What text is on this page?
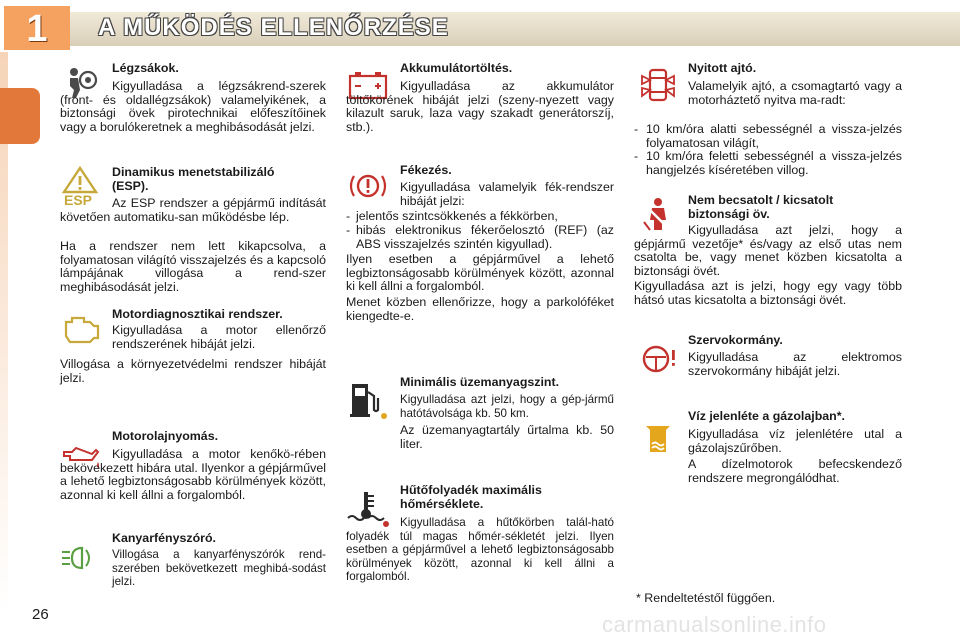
1	A MŰKÖDÉS ELLENŐRZÉSE
Légzsákok.
Kigyulladása a légzsákrend-szerek (front- és oldallégzsákok) valamelyikének, a biztonsági övek pirotechnikai előfeszítőinek vagy a borulókeretnek a meghibásodását jelzi.
ESP
Dinamikus menetstabilizáló
(ESP).
Az ESP rendszer a gépjármű indítását követően automatiku-san működésbe lép.
Ha a rendszer nem lett kikapcsolva, a folyamatosan világító visszajelzés és a kapcsoló lámpájának villogása a rend-szer meghibásodását jelzi.
Motordiagnosztikai rendszer.
Kigyulladása a motor ellenőrző rendszerének hibáját jelzi.
Villogása a környezetvédelmi rendszer hibáját jelzi.
Motorolajnyomás.
Kigyulladása a motor kenőkö-rében bekövekezett hibára utal. Ilyenkor a gépjárművel a lehető legbiztonságosabb körülmények között, azonnal ki kell állni a forgalomból.
Kanyarfényszóró.
Villogása a kanyarfényszórók rend-szerében bekövetkezett meghibá-sodást jelzi.
Akkumulátortöltés.
Kigyulladása az akkumulátor töltőkörének hibáját jelzi (szeny-nyezett vagy kilazult saruk, laza vagy szakadt generátorszíj, stb.).
Fékezés.
Kigyulladása valamelyik fék-rendszer hibáját jelzi:
- jelentős szintcsökkenés a fékkörben,
- hibás elektronikus fékerőelosztó (REF) (az ABS visszajelzés szintén kigyullad).
Ilyen esetben a gépjárművel a lehető legbiztonságosabb körülmények között, azonnal ki kell állni a forgalomból.
Menet közben ellenőrizze, hogy a parkolóféket kiengedte-e.
Minimális üzemanyagszint.
Kigyulladása azt jelzi, hogy a gép-jármű hatótávolsága kb. 50 km.
Az üzemanyagtartály űrtalma kb. 50 liter.
Hűtőfolyadék maximális
hőmérséklete.
Kigyulladása a hűtőkörben talál-ható folyadék túl magas hőmér-sékletét jelzi. Ilyen esetben a gépjárművel a lehető legbiztonságosabb körülmények között, azonnal ki kell állni a forgalomból.
Nyitott ajtó.
Valamelyik ajtó, a csomagtartó vagy a motorháztető nyitva ma-radt:
- 10 km/óra alatti sebességnél a vissza-jelzés folyamatosan világít,
- 10 km/óra feletti sebességnél a vissza-jelzés hangjelzés kíséretében villog.
Nem becsatolt / kicsatolt
biztonsági öv.
Kigyulladása azt jelzi, hogy a gépjármű vezetője* és/vagy az első utas nem csatolta be, vagy menet közben kicsatolta a biztonsági övét.
Kigyulladása azt is jelzi, hogy egy vagy több hátsó utas kicsatolta a biztonsági övét.
Szervokormány.
Kigyulladása az elektromos szervokormány hibáját jelzi.
Víz jelenléte a gázolajban*.
Kigyulladása víz jelenlétére utal a gázolajszűrőben.
A dízelmotorok befecskendező rendszere megrongálódhat.
* Rendeltetéstől függően.
26	carmanualsonline.info
